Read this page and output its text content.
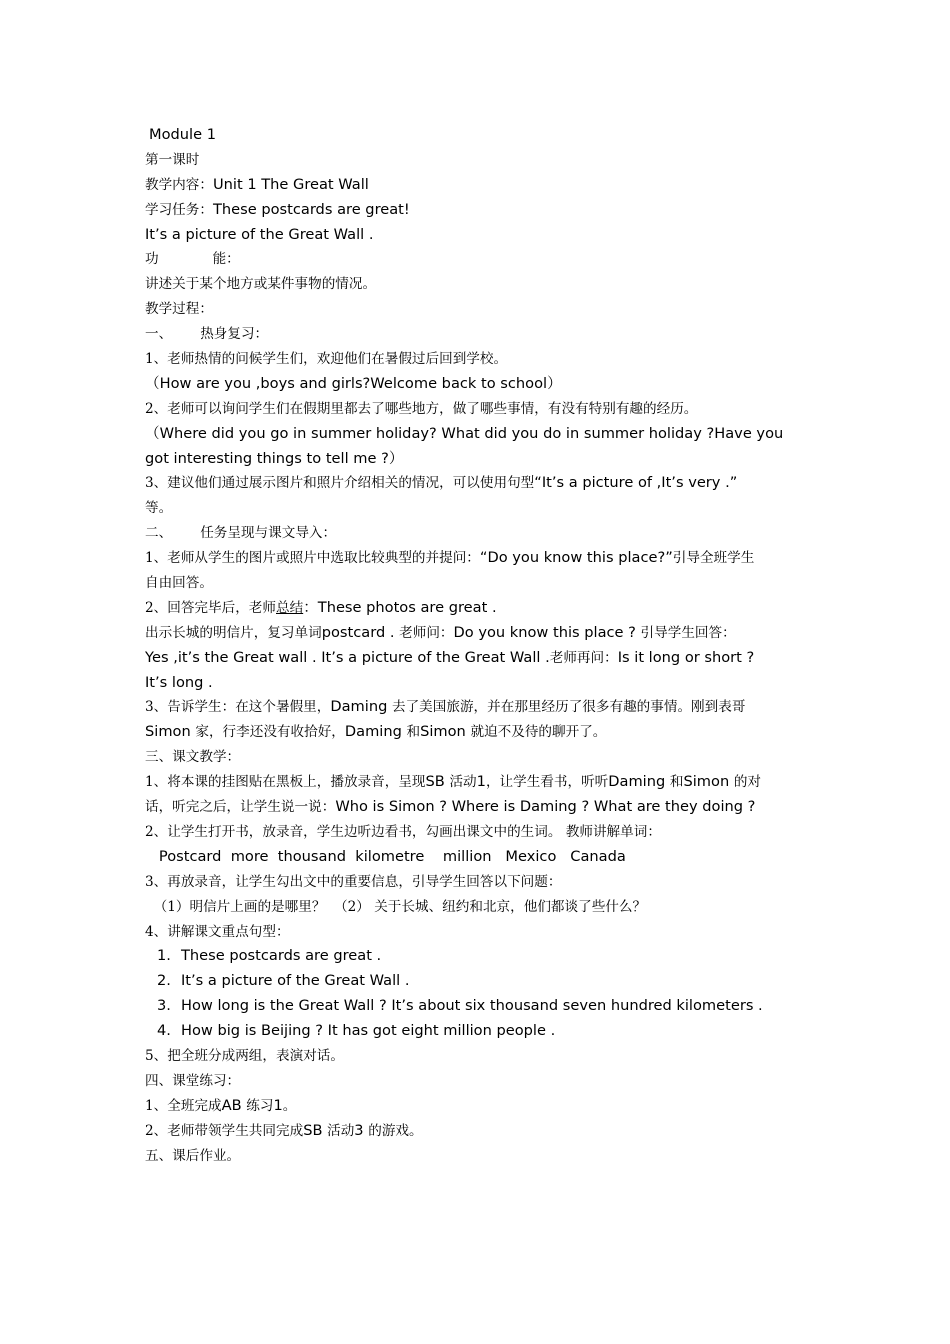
Module 1
第一课时
教学内容：Unit 1 The Great Wall
学习任务：These postcards are great!
It’s a picture of the Great Wall .
功	能：
讲述关于某个地方或某件事物的情况。
教学过程：
一、 热身复习：
1、老师热情的问候学生们，欢迎他们在暑假过后回到学校。
（How are you ,boys and girls?Welcome back to school）
2、老师可以询问学生们在假期里都去了哪些地方，做了哪些事情，有没有特别有趣的经历。
（Where did you go in summer holiday? What did you do in summer holiday ?Have you
got interesting things to tell me ?）
3、建议他们通过展示图片和照片介绍相关的情况，可以使用句型“It’s a picture of ,It’s very .”
等。
二、 任务呈现与课文导入：
1、老师从学生的图片或照片中选取比较典型的并提问：“Do you know this place?”引导全班学生
自由回答。
2、回答完毕后，老师总结：These photos are great .
出示长城的明信片，复习单词postcard . 老师问：Do you know this place ? 引导学生回答：
Yes ,it’s the Great wall . It’s a picture of the Great Wall .老师再问：Is it long or short ?
It’s long .
3、告诉学生：在这个暑假里，Daming 去了美国旅游，并在那里经历了很多有趣的事情。刚到表哥
Simon 家，行李还没有收拾好，Daming 和Simon 就迫不及待的聊开了。
三、课文教学：
1、将本课的挂图贴在黑板上，播放录音，呈现SB 活动1，让学生看书，听听Daming 和Simon 的对
话，听完之后，让学生说一说：Who is Simon ? Where is Daming ? What are they doing ?
2、让学生打开书，放录音，学生边听边看书，勾画出课文中的生词。 教师讲解单词：
Postcard  more  thousand  kilometre    million   Mexico   Canada
3、再放录音，让学生勾出文中的重要信息，引导学生回答以下问题：
（1）明信片上画的是哪里？  （2） 关于长城、纽约和北京，他们都谈了些什么？
4、讲解课文重点句型：
1. These postcards are great .
2. It’s a picture of the Great Wall .
3. How long is the Great Wall ? It’s about six thousand seven hundred kilometers .
4. How big is Beijing ? It has got eight million people .
5、把全班分成两组，表演对话。
四、课堂练习：
1、全班完成AB 练习1。
2、老师带领学生共同完成SB 活动3 的游戏。
五、课后作业。
